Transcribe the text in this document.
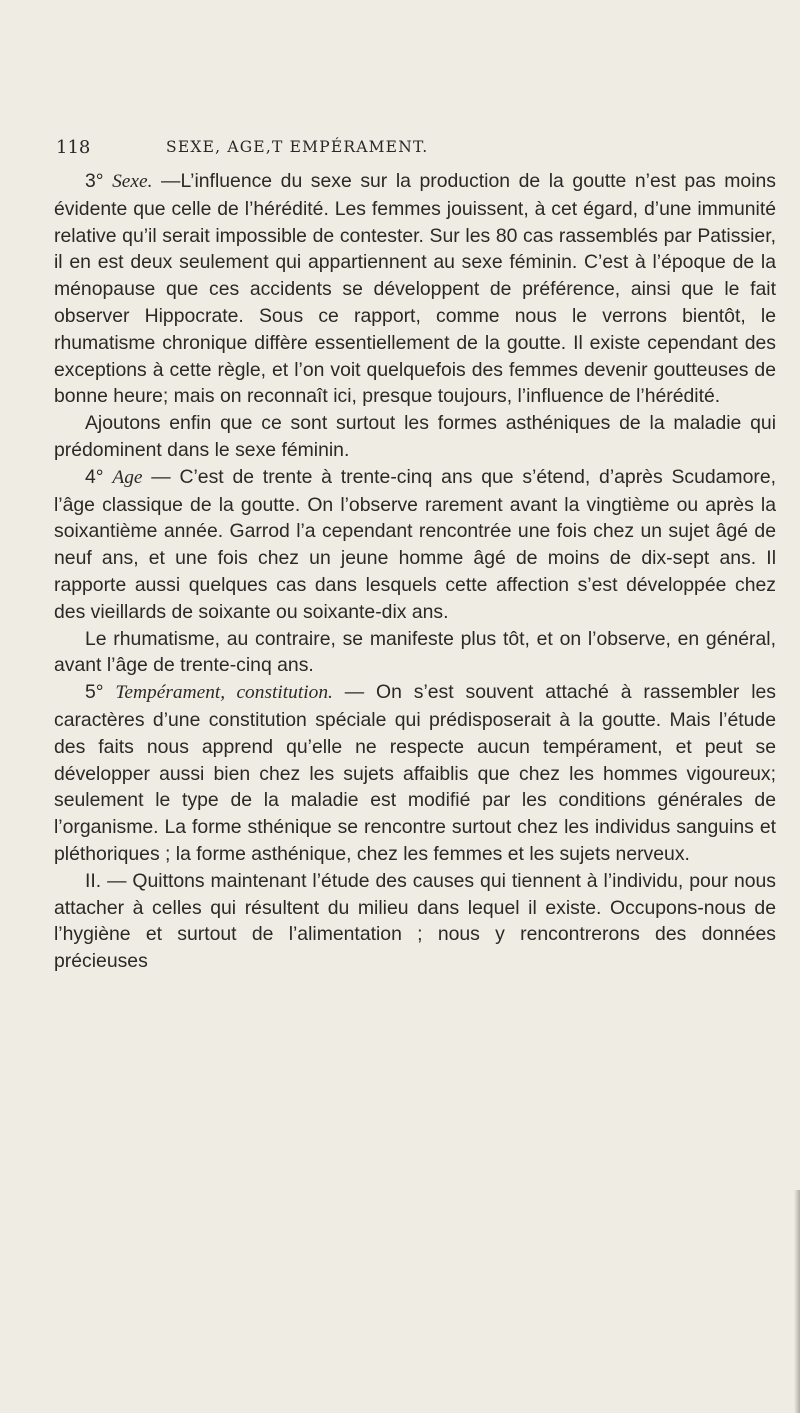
118	SEXE, AGE,T EMPÉRAMENT.

3° Sexe. —L’influence du sexe sur la production de la goutte n’est pas moins évidente que celle de l’hérédité. Les femmes jouissent, à cet égard, d’une immunité relative qu’il serait impossible de contester. Sur les 80 cas rassemblés par Patissier, il en est deux seulement qui appartiennent au sexe féminin. C’est à l’époque de la ménopause que ces accidents se développent de préférence, ainsi que le fait observer Hippocrate. Sous ce rapport, comme nous le verrons bientôt, le rhumatisme chronique diffère essentiellement de la goutte. Il existe cependant des exceptions à cette règle, et l’on voit quelquefois des femmes devenir goutteuses de bonne heure; mais on reconnaît ici, presque toujours, l’influence de l’hérédité.

Ajoutons enfin que ce sont surtout les formes asthéniques de la maladie qui prédominent dans le sexe féminin.

4° Age — C’est de trente à trente-cinq ans que s’étend, d’après Scudamore, l’âge classique de la goutte. On l’observe rarement avant la vingtième ou après la soixantième année. Garrod l’a cependant rencontrée une fois chez un sujet âgé de neuf ans, et une fois chez un jeune homme âgé de moins de dix-sept ans. Il rapporte aussi quelques cas dans lesquels cette affection s’est développée chez des vieillards de soixante ou soixante-dix ans.

Le rhumatisme, au contraire, se manifeste plus tôt, et on l’observe, en général, avant l’âge de trente-cinq ans.

5° Tempérament, constitution. — On s’est souvent attaché à rassembler les caractères d’une constitution spéciale qui prédisposerait à la goutte. Mais l’étude des faits nous apprend qu’elle ne respecte aucun tempérament, et peut se développer aussi bien chez les sujets affaiblis que chez les hommes vigoureux; seulement le type de la maladie est modifié par les conditions générales de l’organisme. La forme sthénique se rencontre surtout chez les individus sanguins et pléthoriques ; la forme asthénique, chez les femmes et les sujets nerveux.

II. — Quittons maintenant l’étude des causes qui tiennent à l’individu, pour nous attacher à celles qui résultent du milieu dans lequel il existe. Occupons-nous de l’hygiène et surtout de l’alimentation ; nous y rencontrerons des données précieuses
